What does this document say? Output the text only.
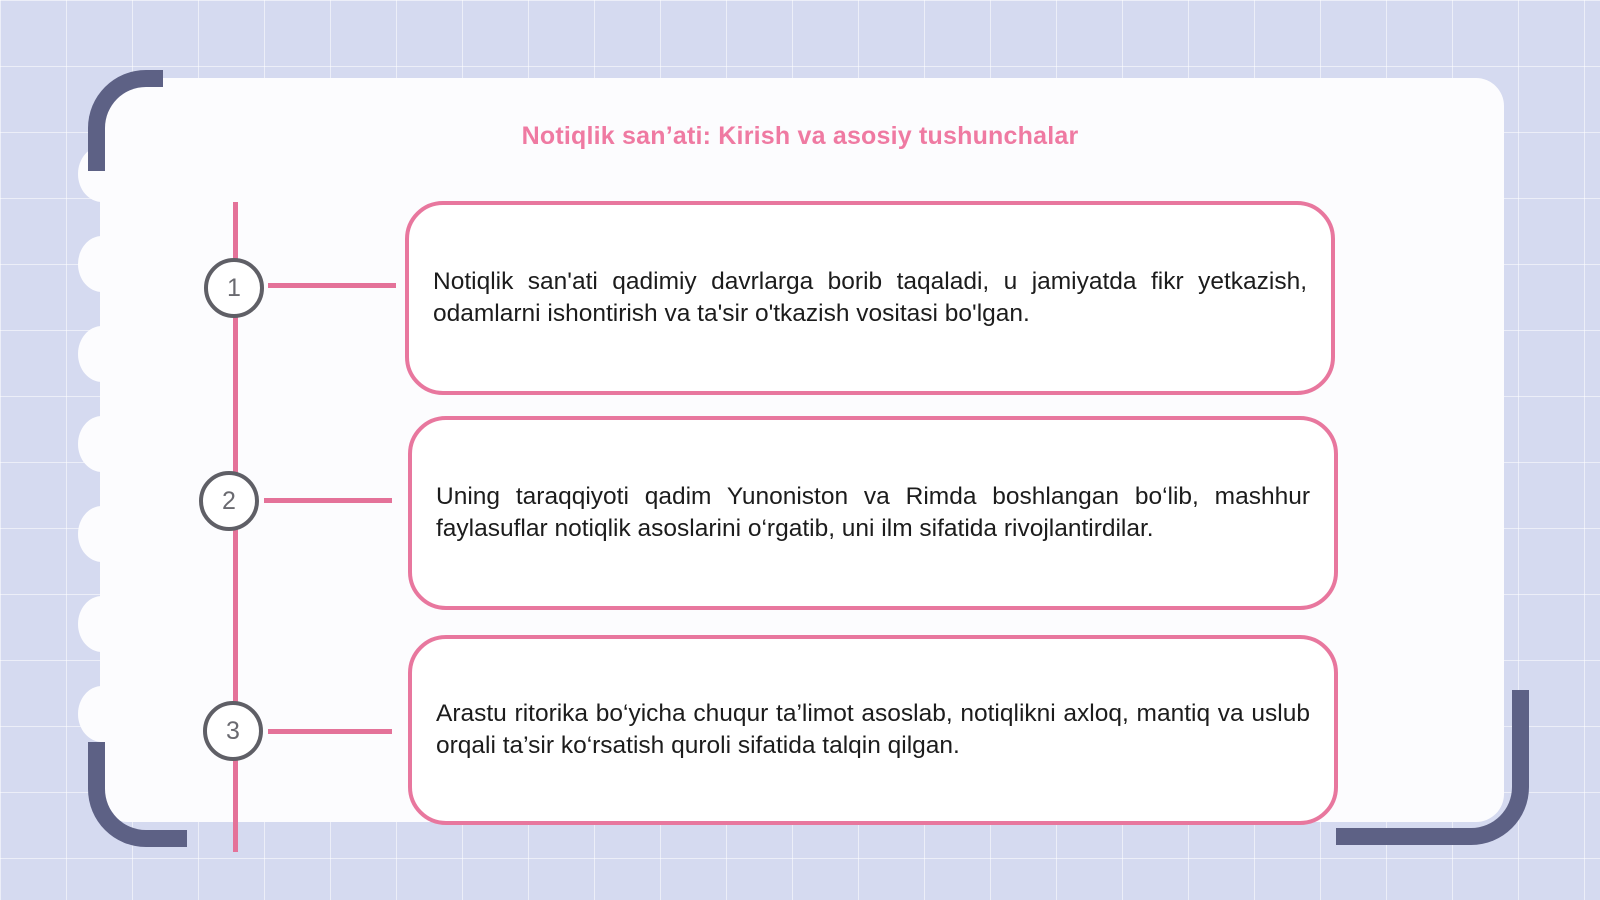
Notiqlik san’ati: Kirish va asosiy tushunchalar
1
2
3
Notiqlik san'ati qadimiy davrlarga borib taqaladi, u jamiyatda fikr yetkazish, odamlarni ishontirish va ta'sir o'tkazish vositasi bo'lgan.
Uning taraqqiyoti qadim Yunoniston va Rimda boshlangan bo‘lib, mashhur faylasuflar notiqlik asoslarini o‘rgatib, uni ilm sifatida rivojlantirdilar.
Arastu ritorika bo‘yicha chuqur ta’limot asoslab, notiqlikni axloq, mantiq va uslub orqali ta’sir ko‘rsatish quroli sifatida talqin qilgan.
